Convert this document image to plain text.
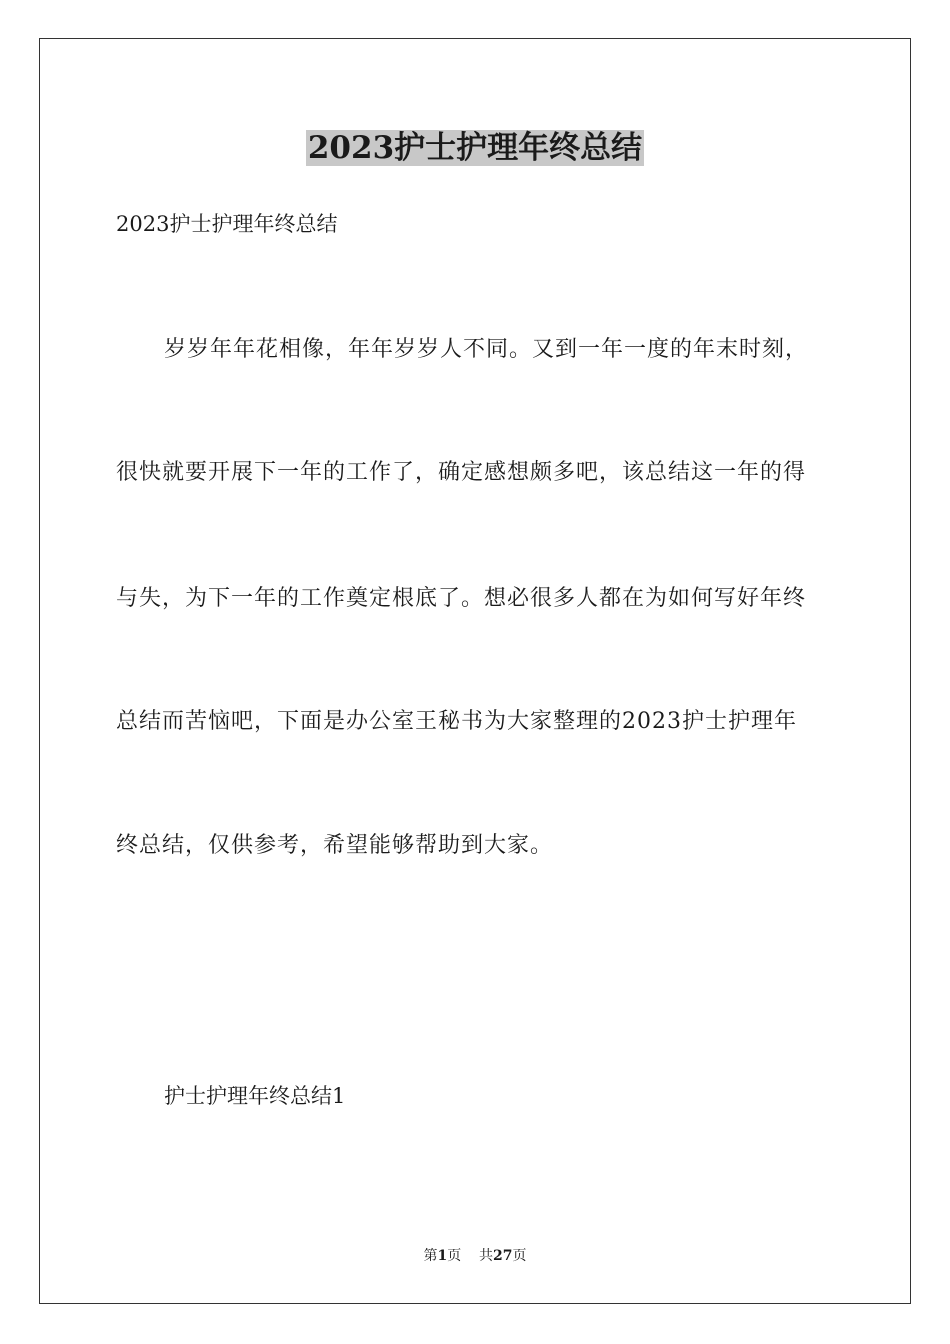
2023护士护理年终总结
2023护士护理年终总结
岁岁年年花相像，年年岁岁人不同。又到一年一度的年末时刻，
很快就要开展下一年的工作了，确定感想颇多吧，该总结这一年的得
与失，为下一年的工作奠定根底了。想必很多人都在为如何写好年终
总结而苦恼吧，下面是办公室王秘书为大家整理的2023护士护理年
终总结，仅供参考，希望能够帮助到大家。
护士护理年终总结1
第1页 共27页
